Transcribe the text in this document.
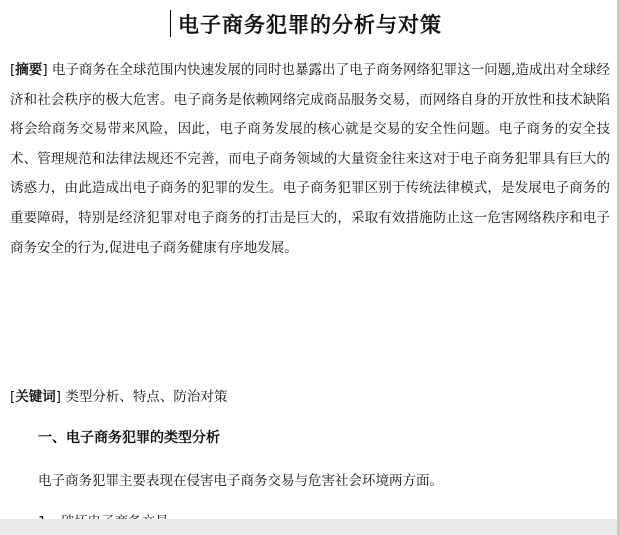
电子商务犯罪的分析与对策

[摘要] 电子商务在全球范围内快速发展的同时也暴露出了电子商务网络犯罪这一问题,造成出对全球经济和社会秩序的极大危害。电子商务是依赖网络完成商品服务交易，而网络自身的开放性和技术缺陷将会给商务交易带来风险，因此，电子商务发展的核心就是交易的安全性问题。电子商务的安全技术、管理规范和法律法规还不完善，而电子商务领域的大量资金往来这对于电子商务犯罪具有巨大的诱惑力，由此造成出电子商务的犯罪的发生。电子商务犯罪区别于传统法律模式，是发展电子商务的重要障碍，特别是经济犯罪对电子商务的打击是巨大的，采取有效措施防止这一危害网络秩序和电子商务安全的行为,促进电子商务健康有序地发展。

[关键词] 类型分析、特点、防治对策

一、电子商务犯罪的类型分析

电子商务犯罪主要表现在侵害电子商务交易与危害社会环境两方面。
